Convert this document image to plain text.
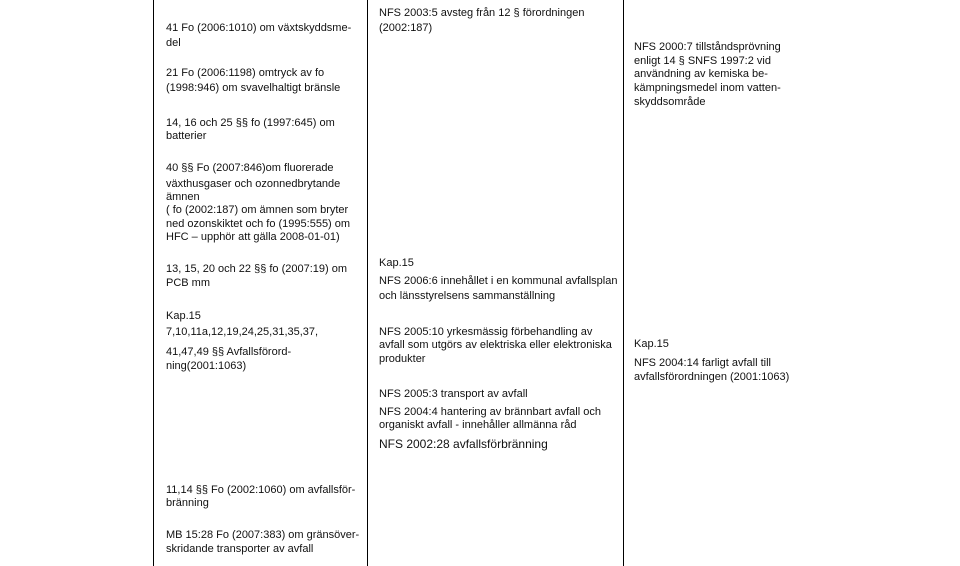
41 Fo (2006:1010) om växtskyddsme-

del

21 Fo (2006:1198) omtryck av fo

(1998:946) om svavelhaltigt bränsle

14, 16 och 25 §§ fo (1997:645) om

batterier

40 §§ Fo (2007:846)om fluorerade

växthusgaser och ozonnedbrytande

ämnen

( fo (2002:187) om ämnen som bryter

ned ozonskiktet och fo (1995:555) om

HFC – upphör att gälla 2008-01-01)

13, 15, 20 och 22 §§ fo (2007:19) om

PCB mm

Kap.15

7,10,11a,12,19,24,25,31,35,37,

41,47,49 §§ Avfallsförord-

ning(2001:1063)

11,14 §§ Fo (2002:1060) om avfallsför-

bränning

MB 15:28 Fo (2007:383) om gränsöver-

skridande transporter av avfall

NFS 2003:5 avsteg från 12 § förordningen

(2002:187)

Kap.15

NFS 2006:6 innehållet i en kommunal avfallsplan

och länsstyrelsens sammanställning

NFS 2005:10 yrkesmässig förbehandling av

avfall som utgörs av elektriska eller elektroniska

produkter

NFS 2005:3 transport av avfall

NFS 2004:4 hantering av brännbart avfall och

organiskt avfall - innehåller allmänna råd

NFS 2002:28 avfallsförbränning

NFS 2000:7 tillståndsprövning

enligt 14 § SNFS 1997:2 vid

användning av kemiska be-

kämpningsmedel inom vatten-

skyddsområde

Kap.15

NFS 2004:14 farligt avfall till

avfallsförordningen (2001:1063)
